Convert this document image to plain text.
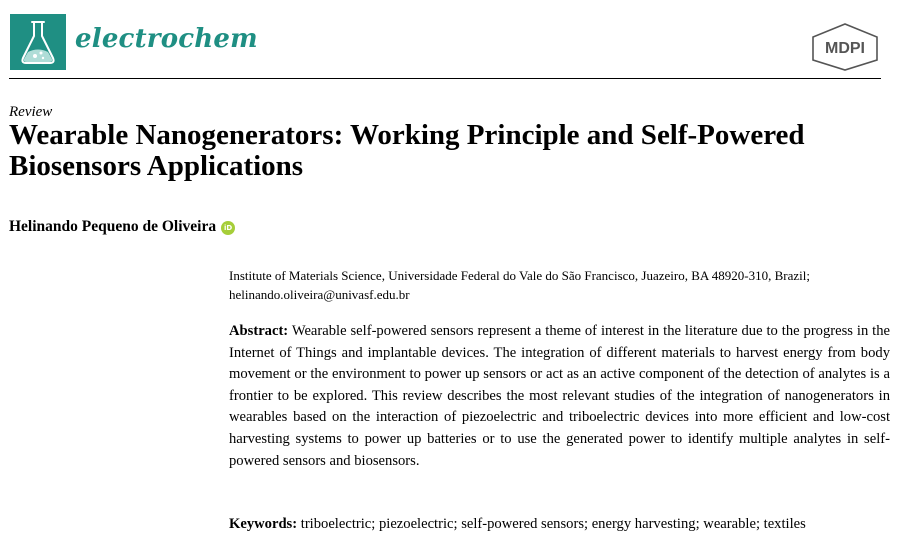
electrochem	MDPI
Review
Wearable Nanogenerators: Working Principle and Self-Powered Biosensors Applications
Helinando Pequeno de Oliveira iD
Institute of Materials Science, Universidade Federal do Vale do São Francisco, Juazeiro, BA 48920-310, Brazil;
helinando.oliveira@univasf.edu.br

Abstract: Wearable self-powered sensors represent a theme of interest in the literature due to the progress in the Internet of Things and implantable devices. The integration of different materials to harvest energy from body movement or the environment to power up sensors or act as an active component of the detection of analytes is a frontier to be explored. This review describes the most relevant studies of the integration of nanogenerators in wearables based on the interaction of piezoelectric and triboelectric devices into more efficient and low-cost harvesting systems to power up batteries or to use the generated power to identify multiple analytes in self-powered sensors and biosensors.

Keywords: triboelectric; piezoelectric; self-powered sensors; energy harvesting; wearable; textiles
